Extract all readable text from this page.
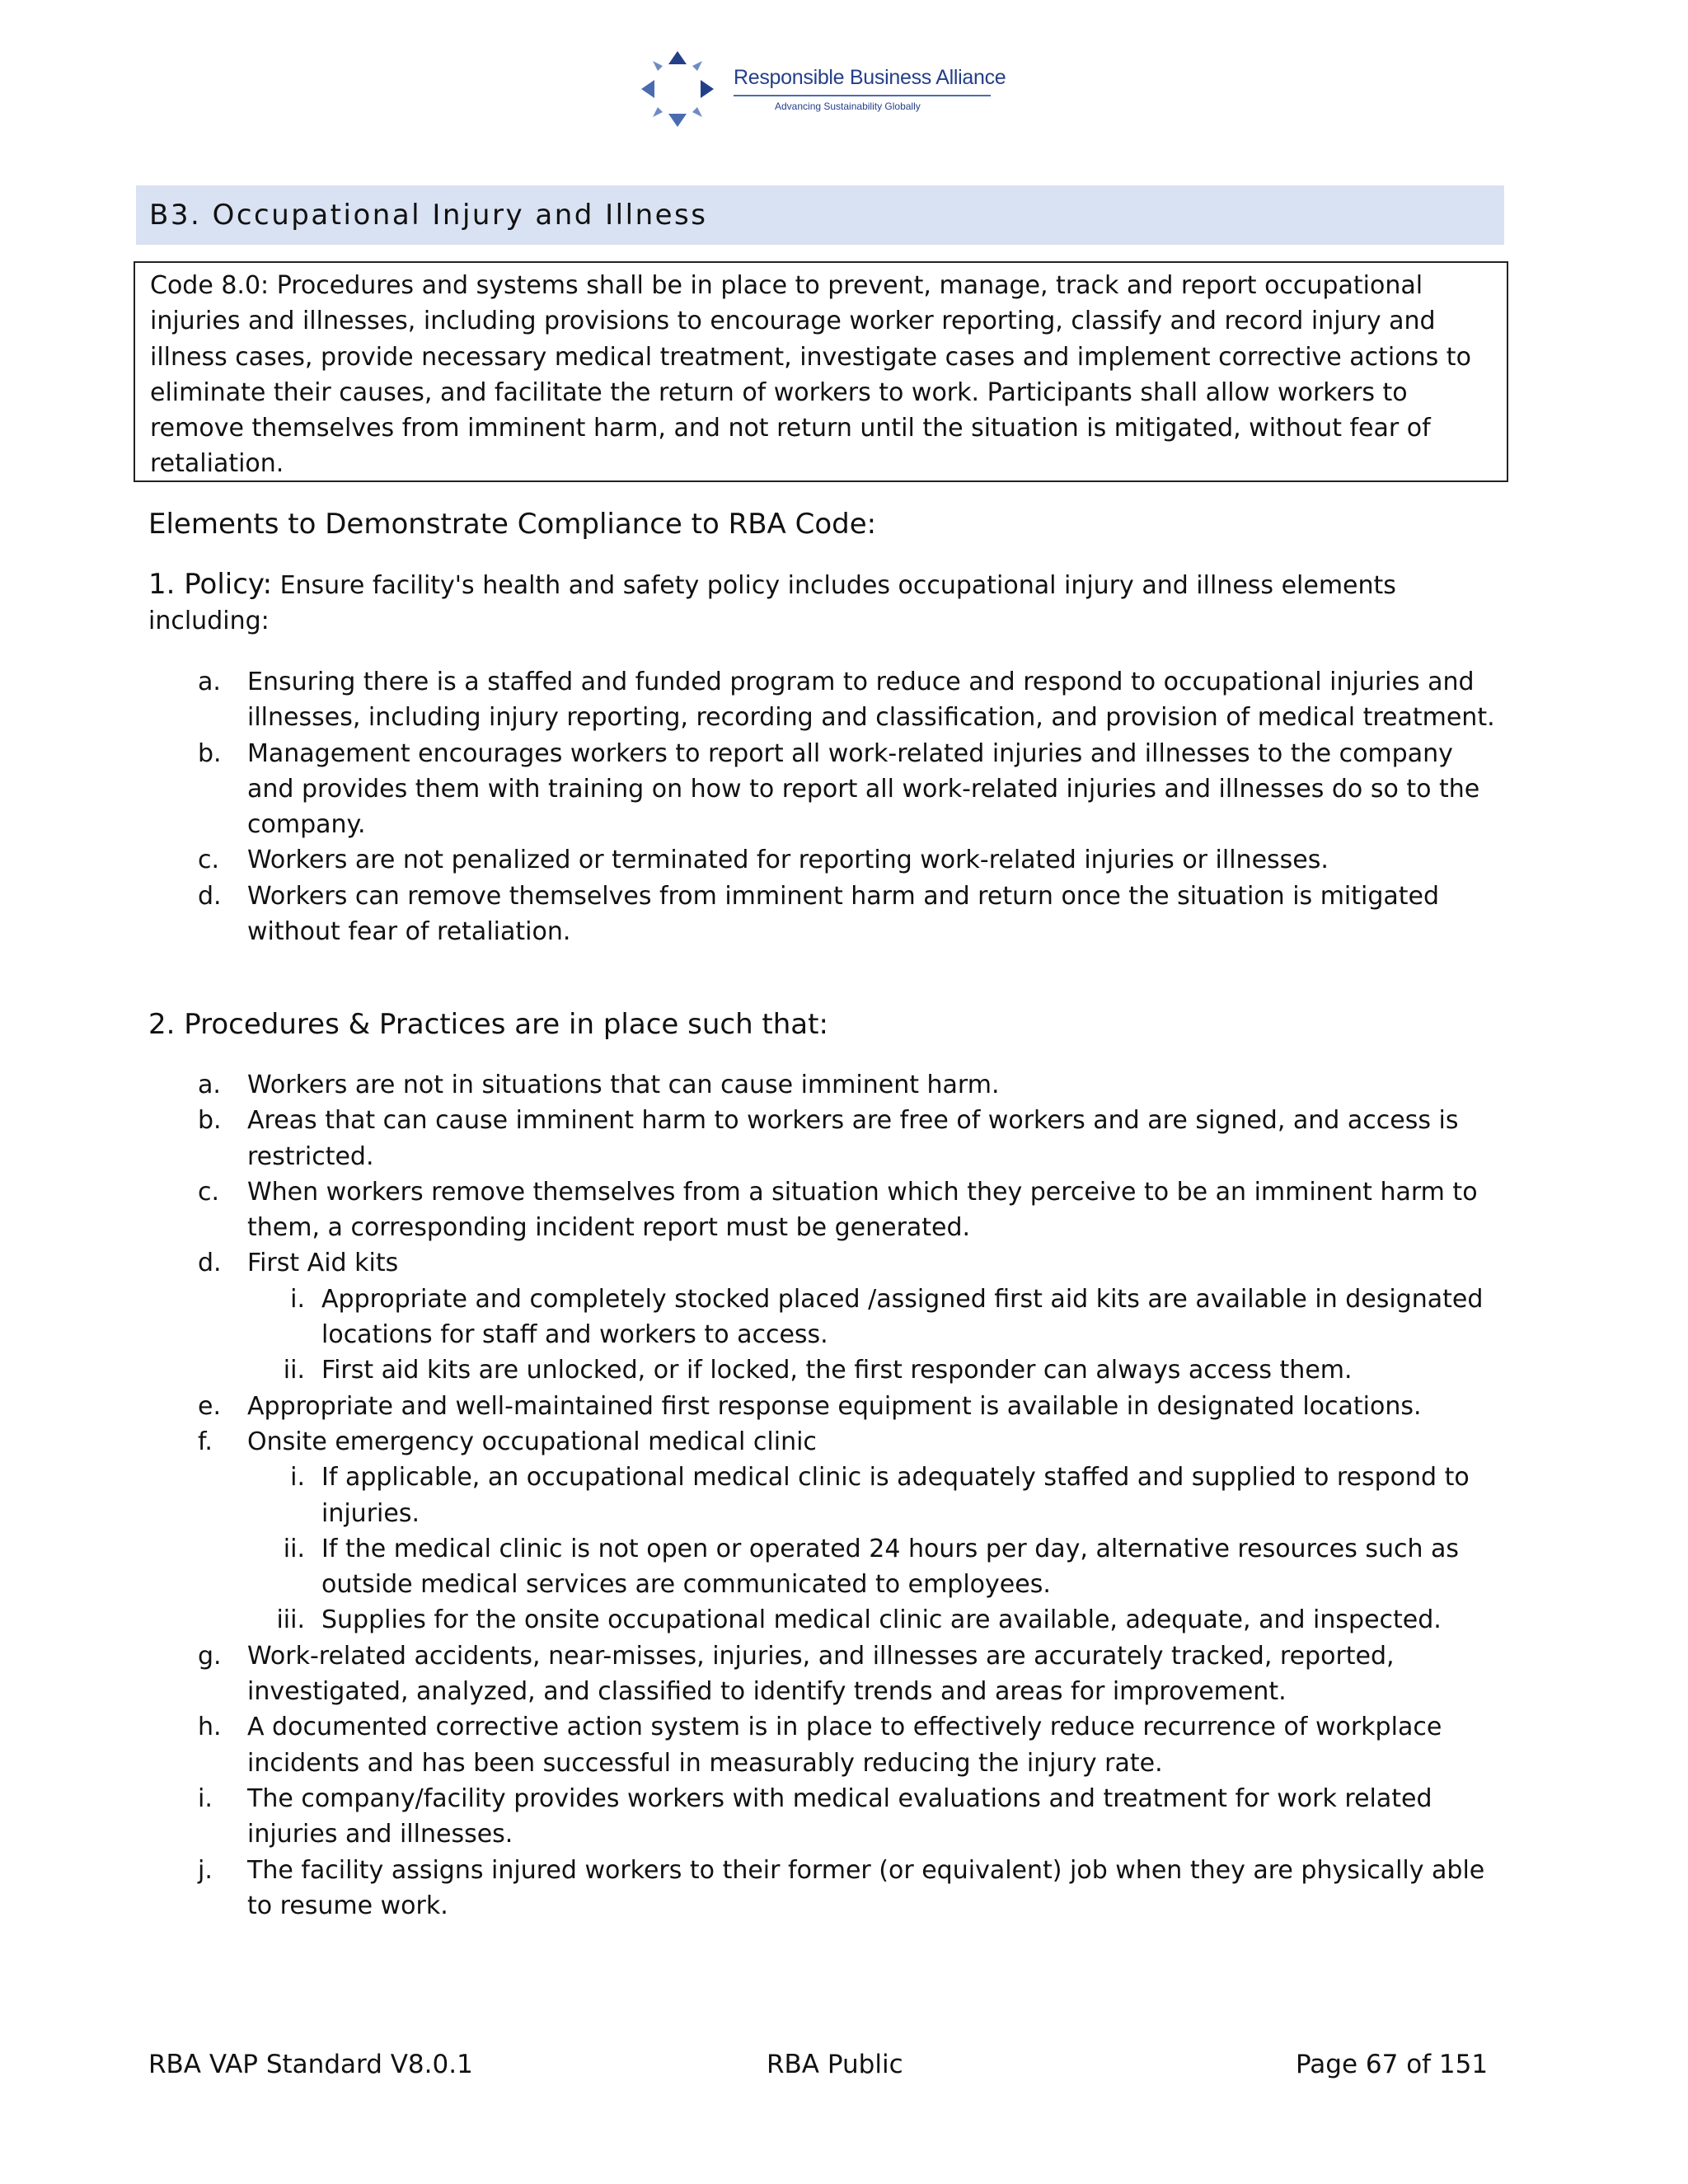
Responsible Business Alliance
Advancing Sustainability Globally
B3. Occupational Injury and Illness
Code 8.0: Procedures and systems shall be in place to prevent, manage, track and report occupational injuries and illnesses, including provisions to encourage worker reporting, classify and record injury and illness cases, provide necessary medical treatment, investigate cases and implement corrective actions to eliminate their causes, and facilitate the return of workers to work. Participants shall allow workers to remove themselves from imminent harm, and not return until the situation is mitigated, without fear of retaliation.
Elements to Demonstrate Compliance to RBA Code:
1. Policy: Ensure facility's health and safety policy includes occupational injury and illness elements including:
a. Ensuring there is a staffed and funded program to reduce and respond to occupational injuries and illnesses, including injury reporting, recording and classification, and provision of medical treatment.
b. Management encourages workers to report all work-related injuries and illnesses to the company and provides them with training on how to report all work-related injuries and illnesses do so to the company.
c. Workers are not penalized or terminated for reporting work-related injuries or illnesses.
d. Workers can remove themselves from imminent harm and return once the situation is mitigated without fear of retaliation.
2. Procedures & Practices are in place such that:
a. Workers are not in situations that can cause imminent harm.
b. Areas that can cause imminent harm to workers are free of workers and are signed, and access is restricted.
c. When workers remove themselves from a situation which they perceive to be an imminent harm to them, a corresponding incident report must be generated.
d. First Aid kits
i. Appropriate and completely stocked placed /assigned first aid kits are available in designated locations for staff and workers to access.
ii. First aid kits are unlocked, or if locked, the first responder can always access them.
e. Appropriate and well-maintained first response equipment is available in designated locations.
f. Onsite emergency occupational medical clinic
i. If applicable, an occupational medical clinic is adequately staffed and supplied to respond to injuries.
ii. If the medical clinic is not open or operated 24 hours per day, alternative resources such as outside medical services are communicated to employees.
iii. Supplies for the onsite occupational medical clinic are available, adequate, and inspected.
g. Work-related accidents, near-misses, injuries, and illnesses are accurately tracked, reported, investigated, analyzed, and classified to identify trends and areas for improvement.
h. A documented corrective action system is in place to effectively reduce recurrence of workplace incidents and has been successful in measurably reducing the injury rate.
i. The company/facility provides workers with medical evaluations and treatment for work related injuries and illnesses.
j. The facility assigns injured workers to their former (or equivalent) job when they are physically able to resume work.
RBA VAP Standard V8.0.1	RBA Public	Page 67 of 151
